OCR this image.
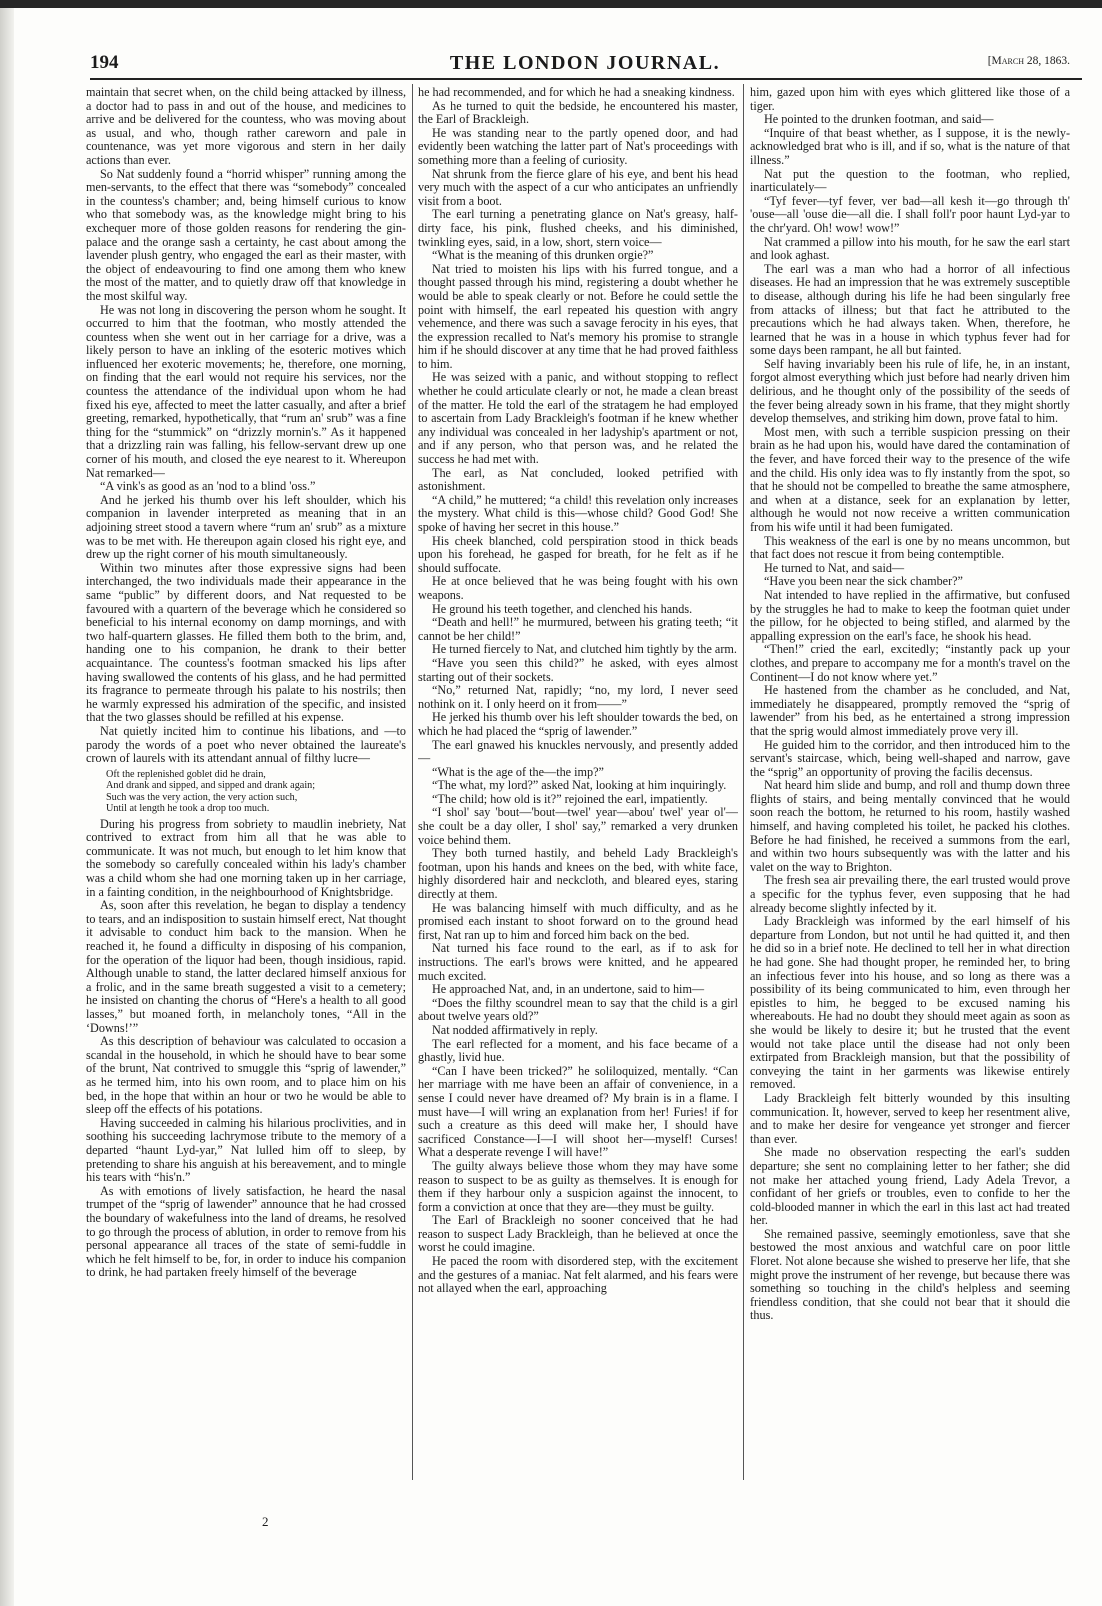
194	THE LONDON JOURNAL.	[March 28, 1863.

maintain that secret when, on the child being attacked by illness, a doctor had to pass in and out of the house, and medicines to arrive and be delivered for the countess, who was moving about as usual, and who, though rather careworn and pale in countenance, was yet more vigorous and stern in her daily actions than ever.

So Nat suddenly found a “horrid whisper” running among the men-servants, to the effect that there was “somebody” concealed in the countess's chamber; and, being himself curious to know who that somebody was, as the knowledge might bring to his exchequer more of those golden reasons for rendering the gin-palace and the orange sash a certainty, he cast about among the lavender plush gentry, who engaged the earl as their master, with the object of endeavouring to find one among them who knew the most of the matter, and to quietly draw off that knowledge in the most skilful way.

He was not long in discovering the person whom he sought. It occurred to him that the footman, who mostly attended the countess when she went out in her carriage for a drive, was a likely person to have an inkling of the esoteric motives which influenced her exoteric movements; he, therefore, one morning, on finding that the earl would not require his services, nor the countess the attendance of the individual upon whom he had fixed his eye, affected to meet the latter casually, and after a brief greeting, remarked, hypothetically, that “rum an' srub” was a fine thing for the “stummick” on “drizzly mornin's.” As it happened that a drizzling rain was falling, his fellow-servant drew up one corner of his mouth, and closed the eye nearest to it. Whereupon Nat remarked—

“A vink's as good as an 'nod to a blind 'oss.”

And he jerked his thumb over his left shoulder, which his companion in lavender interpreted as meaning that in an adjoining street stood a tavern where “rum an' srub” as a mixture was to be met with. He thereupon again closed his right eye, and drew up the right corner of his mouth simultaneously.

Within two minutes after those expressive signs had been interchanged, the two individuals made their appearance in the same “public” by different doors, and Nat requested to be favoured with a quartern of the beverage which he considered so beneficial to his internal economy on damp mornings, and with two half-quartern glasses. He filled them both to the brim, and, handing one to his companion, he drank to their better acquaintance. The countess's footman smacked his lips after having swallowed the contents of his glass, and he had permitted its fragrance to permeate through his palate to his nostrils; then he warmly expressed his admiration of the specific, and insisted that the two glasses should be refilled at his expense.

Nat quietly incited him to continue his libations, and —to parody the words of a poet who never obtained the laureate's crown of laurels with its attendant annual of filthy lucre—

Oft the replenished goblet did he drain,
And drank and sipped, and sipped and drank again;
Such was the very action, the very action such,
Until at length he took a drop too much.

During his progress from sobriety to maudlin inebriety, Nat contrived to extract from him all that he was able to communicate. It was not much, but enough to let him know that the somebody so carefully concealed within his lady's chamber was a child whom she had one morning taken up in her carriage, in a fainting condition, in the neighbourhood of Knightsbridge.

As, soon after this revelation, he began to display a tendency to tears, and an indisposition to sustain himself erect, Nat thought it advisable to conduct him back to the mansion. When he reached it, he found a difficulty in disposing of his companion, for the operation of the liquor had been, though insidious, rapid. Although unable to stand, the latter declared himself anxious for a frolic, and in the same breath suggested a visit to a cemetery; he insisted on chanting the chorus of “Here's a health to all good lasses,” but moaned forth, in melancholy tones, “All in the ‘Downs!’”

As this description of behaviour was calculated to occasion a scandal in the household, in which he should have to bear some of the brunt, Nat contrived to smuggle this “sprig of lawender,” as he termed him, into his own room, and to place him on his bed, in the hope that within an hour or two he would be able to sleep off the effects of his potations.

Having succeeded in calming his hilarious proclivities, and in soothing his succeeding lachrymose tribute to the memory of a departed “haunt Lyd-yar,” Nat lulled him off to sleep, by pretending to share his anguish at his bereavement, and to mingle his tears with “his'n.”

As with emotions of lively satisfaction, he heard the nasal trumpet of the “sprig of lawender” announce that he had crossed the boundary of wakefulness into the land of dreams, he resolved to go through the process of ablution, in order to remove from his personal appearance all traces of the state of semi-fuddle in which he felt himself to be, for, in order to induce his companion to drink, he had partaken freely himself of the beverage

he had recommended, and for which he had a sneaking kindness.

As he turned to quit the bedside, he encountered his master, the Earl of Brackleigh.

He was standing near to the partly opened door, and had evidently been watching the latter part of Nat's proceedings with something more than a feeling of curiosity.

Nat shrunk from the fierce glare of his eye, and bent his head very much with the aspect of a cur who anticipates an unfriendly visit from a boot.

The earl turning a penetrating glance on Nat's greasy, half-dirty face, his pink, flushed cheeks, and his diminished, twinkling eyes, said, in a low, short, stern voice—

“What is the meaning of this drunken orgie?”

Nat tried to moisten his lips with his furred tongue, and a thought passed through his mind, registering a doubt whether he would be able to speak clearly or not. Before he could settle the point with himself, the earl repeated his question with angry vehemence, and there was such a savage ferocity in his eyes, that the expression recalled to Nat's memory his promise to strangle him if he should discover at any time that he had proved faithless to him.

He was seized with a panic, and without stopping to reflect whether he could articulate clearly or not, he made a clean breast of the matter. He told the earl of the stratagem he had employed to ascertain from Lady Brackleigh's footman if he knew whether any individual was concealed in her ladyship's apartment or not, and if any person, who that person was, and he related the success he had met with.

The earl, as Nat concluded, looked petrified with astonishment.

“A child,” he muttered; “a child! this revelation only increases the mystery. What child is this—whose child? Good God! She spoke of having her secret in this house.”

His cheek blanched, cold perspiration stood in thick beads upon his forehead, he gasped for breath, for he felt as if he should suffocate.

He at once believed that he was being fought with his own weapons.

He ground his teeth together, and clenched his hands.

“Death and hell!” he murmured, between his grating teeth; “it cannot be her child!”

He turned fiercely to Nat, and clutched him tightly by the arm.

“Have you seen this child?” he asked, with eyes almost starting out of their sockets.

“No,” returned Nat, rapidly; “no, my lord, I never seed nothink on it. I only heerd on it from——”

He jerked his thumb over his left shoulder towards the bed, on which he had placed the “sprig of lawender.”

The earl gnawed his knuckles nervously, and presently added—

“What is the age of the—the imp?”

“The what, my lord?” asked Nat, looking at him inquiringly.

“The child; how old is it?” rejoined the earl, impatiently.

“I shol' say 'bout—'bout—twel' year—abou' twel' year ol'—she coult be a day oller, I shol' say,” remarked a very drunken voice behind them.

They both turned hastily, and beheld Lady Brackleigh's footman, upon his hands and knees on the bed, with white face, highly disordered hair and neckcloth, and bleared eyes, staring directly at them.

He was balancing himself with much difficulty, and as he promised each instant to shoot forward on to the ground head first, Nat ran up to him and forced him back on the bed.

Nat turned his face round to the earl, as if to ask for instructions. The earl's brows were knitted, and he appeared much excited.

He approached Nat, and, in an undertone, said to him—

“Does the filthy scoundrel mean to say that the child is a girl about twelve years old?”

Nat nodded affirmatively in reply.

The earl reflected for a moment, and his face became of a ghastly, livid hue.

“Can I have been tricked?” he soliloquized, mentally. “Can her marriage with me have been an affair of convenience, in a sense I could never have dreamed of? My brain is in a flame. I must have—I will wring an explanation from her! Furies! if for such a creature as this deed will make her, I should have sacrificed Constance—I—I will shoot her—myself! Curses! What a desperate revenge I will have!”

The guilty always believe those whom they may have some reason to suspect to be as guilty as themselves. It is enough for them if they harbour only a suspicion against the innocent, to form a conviction at once that they are—they must be guilty.

The Earl of Brackleigh no sooner conceived that he had reason to suspect Lady Brackleigh, than he believed at once the worst he could imagine.

He paced the room with disordered step, with the excitement and the gestures of a maniac. Nat felt alarmed, and his fears were not allayed when the earl, approaching

him, gazed upon him with eyes which glittered like those of a tiger.

He pointed to the drunken footman, and said—

“Inquire of that beast whether, as I suppose, it is the newly-acknowledged brat who is ill, and if so, what is the nature of that illness.”

Nat put the question to the footman, who replied, inarticulately—

“Tyf fever—tyf fever, ver bad—all kesh it—go through th' 'ouse—all 'ouse die—all die. I shall foll'r poor haunt Lyd-yar to the chr'yard. Oh! wow! wow!”

Nat crammed a pillow into his mouth, for he saw the earl start and look aghast.

The earl was a man who had a horror of all infectious diseases. He had an impression that he was extremely susceptible to disease, although during his life he had been singularly free from attacks of illness; but that fact he attributed to the precautions which he had always taken. When, therefore, he learned that he was in a house in which typhus fever had for some days been rampant, he all but fainted.

Self having invariably been his rule of life, he, in an instant, forgot almost everything which just before had nearly driven him delirious, and he thought only of the possibility of the seeds of the fever being already sown in his frame, that they might shortly develop themselves, and striking him down, prove fatal to him.

Most men, with such a terrible suspicion pressing on their brain as he had upon his, would have dared the contamination of the fever, and have forced their way to the presence of the wife and the child. His only idea was to fly instantly from the spot, so that he should not be compelled to breathe the same atmosphere, and when at a distance, seek for an explanation by letter, although he would not now receive a written communication from his wife until it had been fumigated.

This weakness of the earl is one by no means uncommon, but that fact does not rescue it from being contemptible.

He turned to Nat, and said—

“Have you been near the sick chamber?”

Nat intended to have replied in the affirmative, but confused by the struggles he had to make to keep the footman quiet under the pillow, for he objected to being stifled, and alarmed by the appalling expression on the earl's face, he shook his head.

“Then!” cried the earl, excitedly; “instantly pack up your clothes, and prepare to accompany me for a month's travel on the Continent—I do not know where yet.”

He hastened from the chamber as he concluded, and Nat, immediately he disappeared, promptly removed the “sprig of lawender” from his bed, as he entertained a strong impression that the sprig would almost immediately prove very ill.

He guided him to the corridor, and then introduced him to the servant's staircase, which, being well-shaped and narrow, gave the “sprig” an opportunity of proving the facilis decensus.

Nat heard him slide and bump, and roll and thump down three flights of stairs, and being mentally convinced that he would soon reach the bottom, he returned to his room, hastily washed himself, and having completed his toilet, he packed his clothes. Before he had finished, he received a summons from the earl, and within two hours subsequently was with the latter and his valet on the way to Brighton.

The fresh sea air prevailing there, the earl trusted would prove a specific for the typhus fever, even supposing that he had already become slightly infected by it.

Lady Brackleigh was informed by the earl himself of his departure from London, but not until he had quitted it, and then he did so in a brief note. He declined to tell her in what direction he had gone. She had thought proper, he reminded her, to bring an infectious fever into his house, and so long as there was a possibility of its being communicated to him, even through her epistles to him, he begged to be excused naming his whereabouts. He had no doubt they should meet again as soon as she would be likely to desire it; but he trusted that the event would not take place until the disease had not only been extirpated from Brackleigh mansion, but that the possibility of conveying the taint in her garments was likewise entirely removed.

Lady Brackleigh felt bitterly wounded by this insulting communication. It, however, served to keep her resentment alive, and to make her desire for vengeance yet stronger and fiercer than ever.

She made no observation respecting the earl's sudden departure; she sent no complaining letter to her father; she did not make her attached young friend, Lady Adela Trevor, a confidant of her griefs or troubles, even to confide to her the cold-blooded manner in which the earl in this last act had treated her.

She remained passive, seemingly emotionless, save that she bestowed the most anxious and watchful care on poor little Floret. Not alone because she wished to preserve her life, that she might prove the instrument of her revenge, but because there was something so touching in the child's helpless and seeming friendless condition, that she could not bear that it should die thus.

2
